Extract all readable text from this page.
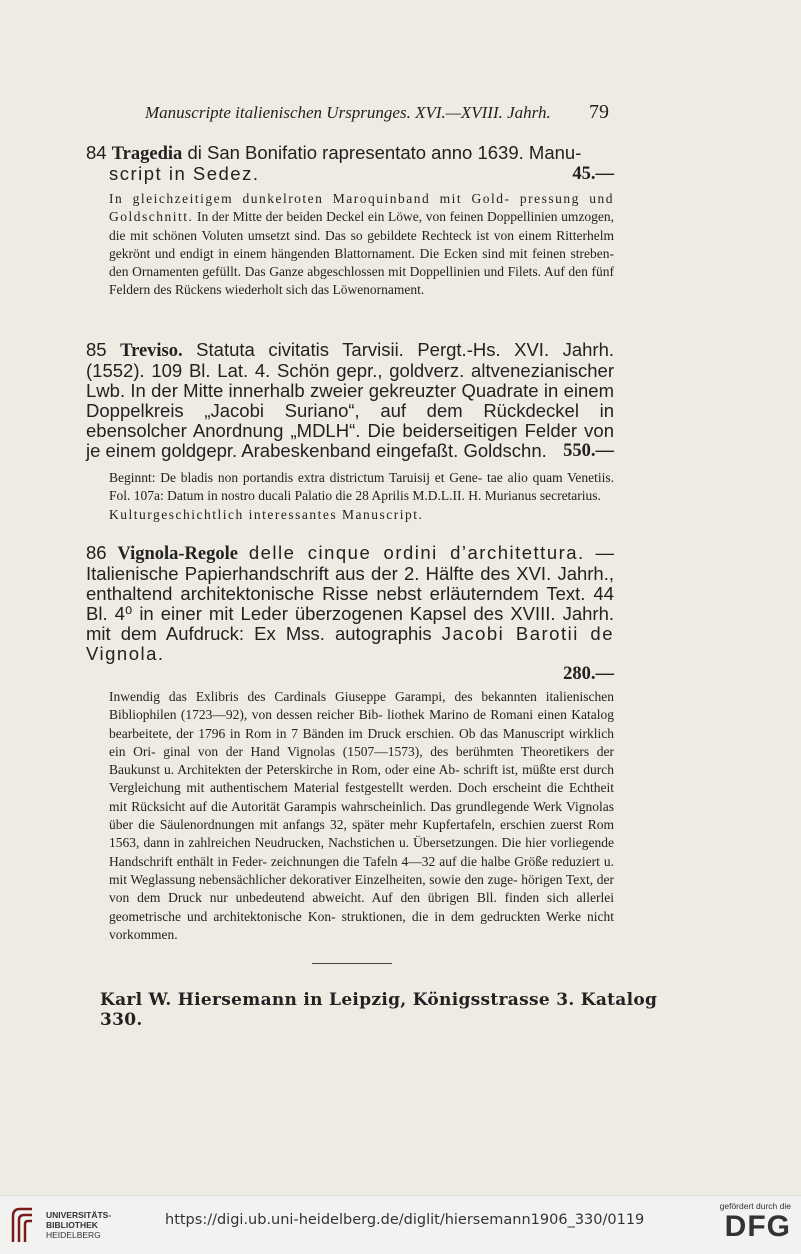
Manuscripte italienischen Ursprunges. XVI.—XVIII. Jahrh.	79

84 Tragedia di San Bonifatio rapresentato anno 1639. Manu-
script in Sedez.	45.—

In gleichzeitigem dunkelroten Maroquinband mit Gold- pressung und Goldschnitt. In der Mitte der beiden Deckel ein Löwe, von feinen Doppellinien umzogen, die mit schönen Voluten umsetzt sind. Das so gebildete Rechteck ist von einem Ritterhelm gekrönt und endigt in einem hängenden Blattornament. Die Ecken sind mit feinen streben- den Ornamenten gefüllt. Das Ganze abgeschlossen mit Doppellinien und Filets. Auf den fünf Feldern des Rückens wiederholt sich das Löwenornament.

85 Treviso. Statuta civitatis Tarvisii. Pergt.-Hs. XVI. Jahrh. (1552). 109 Bl. Lat. 4. Schön gepr., goldverz. altvenezianischer Lwb. In der Mitte innerhalb zweier gekreuzter Quadrate in einem Doppelkreis „Jacobi Suriano“, auf dem Rückdeckel in ebensolcher Anordnung „MDLH“. Die beiderseitigen Felder von je einem goldgepr. Arabeskenband eingefaßt. Goldschn. 550.—

Beginnt: De bladis non portandis extra districtum Taruisij et Gene- tae alio quam Venetiis. Fol. 107a: Datum in nostro ducali Palatio die 28 Aprilis M.D.L.II. H. Murianus secretarius.
Kulturgeschichtlich interessantes Manuscript.

86 Vignola-Regole delle cinque ordini d’architettura. — Italienische Papierhandschrift aus der 2. Hälfte des XVI. Jahrh., enthaltend architektonische Risse nebst erläuterndem Text. 44 Bl. 4⁰ in einer mit Leder überzogenen Kapsel des XVIII. Jahrh. mit dem Aufdruck: Ex Mss. autographis Jacobi Barotii de Vignola.

280.—

Inwendig das Exlibris des Cardinals Giuseppe Garampi, des bekannten italienischen Bibliophilen (1723—92), von dessen reicher Bib- liothek Marino de Romani einen Katalog bearbeitete, der 1796 in Rom in 7 Bänden im Druck erschien. Ob das Manuscript wirklich ein Ori- ginal von der Hand Vignolas (1507—1573), des berühmten Theoretikers der Baukunst u. Architekten der Peterskirche in Rom, oder eine Ab- schrift ist, müßte erst durch Vergleichung mit authentischem Material festgestellt werden. Doch erscheint die Echtheit mit Rücksicht auf die Autorität Garampis wahrscheinlich. Das grundlegende Werk Vignolas über die Säulenordnungen mit anfangs 32, später mehr Kupfertafeln, erschien zuerst Rom 1563, dann in zahlreichen Neudrucken, Nachstichen u. Übersetzungen. Die hier vorliegende Handschrift enthält in Feder- zeichnungen die Tafeln 4—32 auf die halbe Größe reduziert u. mit Weglassung nebensächlicher dekorativer Einzelheiten, sowie den zuge- hörigen Text, der von dem Druck nur unbedeutend abweicht. Auf den übrigen Bll. finden sich allerlei geometrische und architektonische Kon- struktionen, die in dem gedruckten Werke nicht vorkommen.
Karl W. Hiersemann in Leipzig, Königsstrasse 3. Katalog 330.
UNIVERSITÄTS-
BIBLIOTHEK
HEIDELBERG
https://digi.ub.uni-heidelberg.de/diglit/hiersemann1906_330/0119
gefördert durch die
DFG
